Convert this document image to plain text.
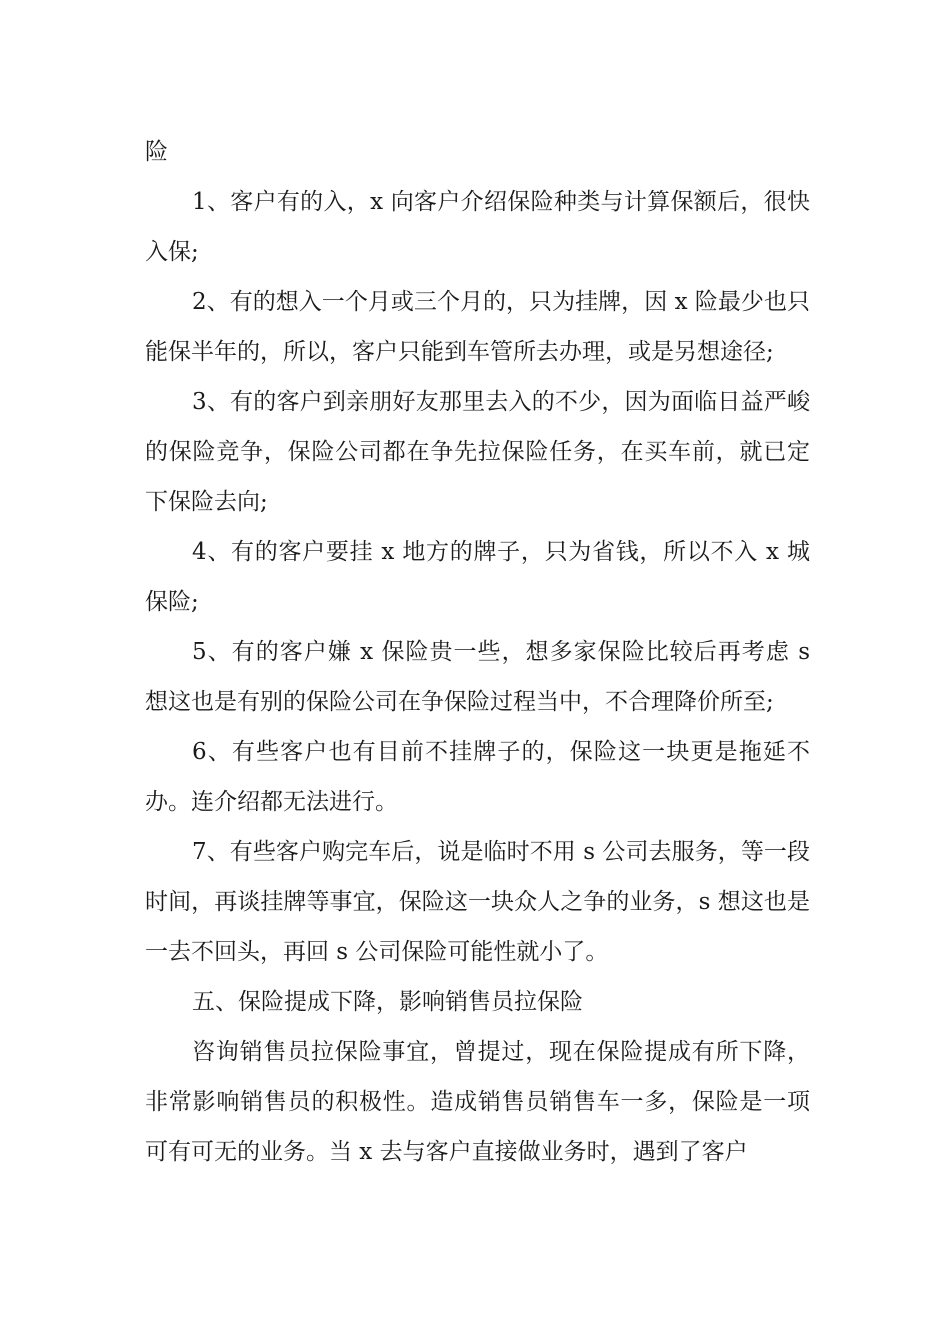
险

1、客户有的入，x 向客户介绍保险种类与计算保额后，很快入保;

2、有的想入一个月或三个月的，只为挂牌，因 x 险最少也只能保半年的，所以，客户只能到车管所去办理，或是另想途径;

3、有的客户到亲朋好友那里去入的不少，因为面临日益严峻的保险竞争，保险公司都在争先拉保险任务，在买车前，就已定下保险去向;

4、有的客户要挂 x 地方的牌子，只为省钱，所以不入 x 城保险;

5、有的客户嫌 x 保险贵一些，想多家保险比较后再考虑 s 想这也是有别的保险公司在争保险过程当中，不合理降价所至;

6、有些客户也有目前不挂牌子的，保险这一块更是拖延不办。连介绍都无法进行。

7、有些客户购完车后，说是临时不用 s 公司去服务，等一段时间，再谈挂牌等事宜，保险这一块众人之争的业务，s 想这也是一去不回头，再回 s 公司保险可能性就小了。

五、保险提成下降，影响销售员拉保险

咨询销售员拉保险事宜，曾提过，现在保险提成有所下降，非常影响销售员的积极性。造成销售员销售车一多，保险是一项可有可无的业务。当 x 去与客户直接做业务时，遇到了客户
